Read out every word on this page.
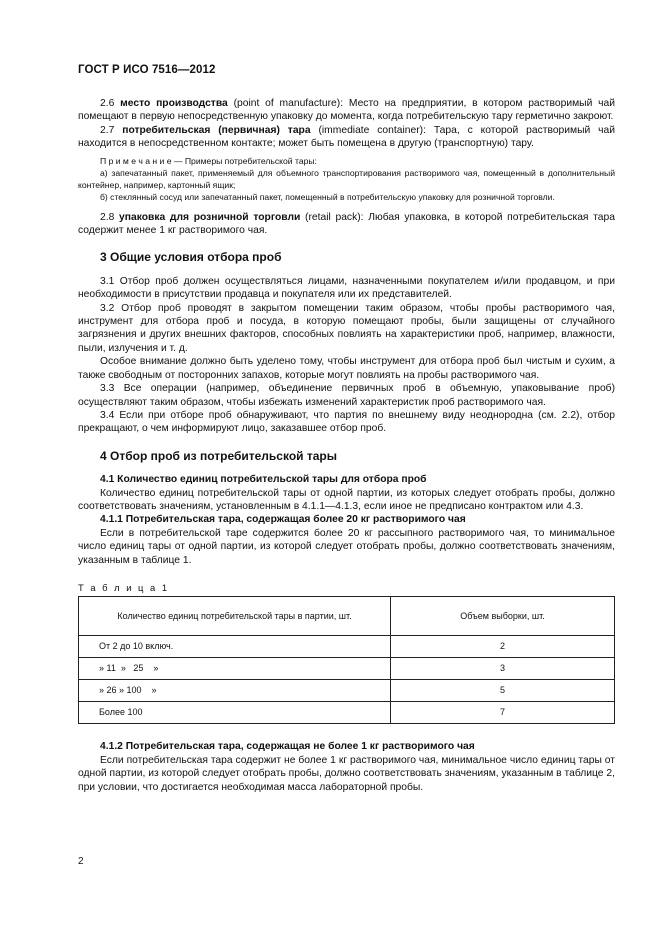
ГОСТ Р ИСО 7516—2012

2.6 место производства (point of manufacture): Место на предприятии, в котором растворимый чай помещают в первую непосредственную упаковку до момента, когда потребительскую тару герметично закроют.

2.7 потребительская (первичная) тара (immediate container): Тара, с которой растворимый чай находится в непосредственном контакте; может быть помещена в другую (транспортную) тару.

П р и м е ч а н и е — Примеры потребительской тары:

а) запечатанный пакет, применяемый для объемного транспортирования растворимого чая, помещенный в дополнительный контейнер, например, картонный ящик;

б) стеклянный сосуд или запечатанный пакет, помещенный в потребительскую упаковку для розничной торговли.

2.8 упаковка для розничной торговли (retail pack): Любая упаковка, в которой потребительская тара содержит менее 1 кг растворимого чая.

3 Общие условия отбора проб

3.1 Отбор проб должен осуществляться лицами, назначенными покупателем и/или продавцом, и при необходимости в присутствии продавца и покупателя или их представителей.

3.2 Отбор проб проводят в закрытом помещении таким образом, чтобы пробы растворимого чая, инструмент для отбора проб и посуда, в которую помещают пробы, были защищены от случайного загрязнения и других внешних факторов, способных повлиять на характеристики проб, например, влажности, пыли, излучения и т. д.

Особое внимание должно быть уделено тому, чтобы инструмент для отбора проб был чистым и сухим, а также свободным от посторонних запахов, которые могут повлиять на пробы растворимого чая.

3.3 Все операции (например, объединение первичных проб в объемную, упаковывание проб) осуществляют таким образом, чтобы избежать изменений характеристик проб растворимого чая.

3.4 Если при отборе проб обнаруживают, что партия по внешнему виду неоднородна (см. 2.2), отбор прекращают, о чем информируют лицо, заказавшее отбор проб.

4 Отбор проб из потребительской тары
4.1 Количество единиц потребительской тары для отбора проб

Количество единиц потребительской тары от одной партии, из которых следует отобрать пробы, должно соответствовать значениям, установленным в 4.1.1—4.1.3, если иное не предписано контрактом или 4.3.

4.1.1 Потребительская тара, содержащая более 20 кг растворимого чая

Если в потребительской таре содержится более 20 кг рассыпного растворимого чая, то минимальное число единиц тары от одной партии, из которой следует отобрать пробы, должно соответствовать значениям, указанным в таблице 1.

Т а б л и ц а 1
Количество единиц потребительской тары в партии, шт.	Объем выборки, шт.
От 2 до 10 включ.	2
» 11  »   25    »	3
» 26 » 100    »	5
Более 100	7
4.1.2 Потребительская тара, содержащая не более 1 кг растворимого чая

Если потребительская тара содержит не более 1 кг растворимого чая, минимальное число единиц тары от одной партии, из которой следует отобрать пробы, должно соответствовать значениям, указанным в таблице 2, при условии, что достигается необходимая масса лабораторной пробы.

2
